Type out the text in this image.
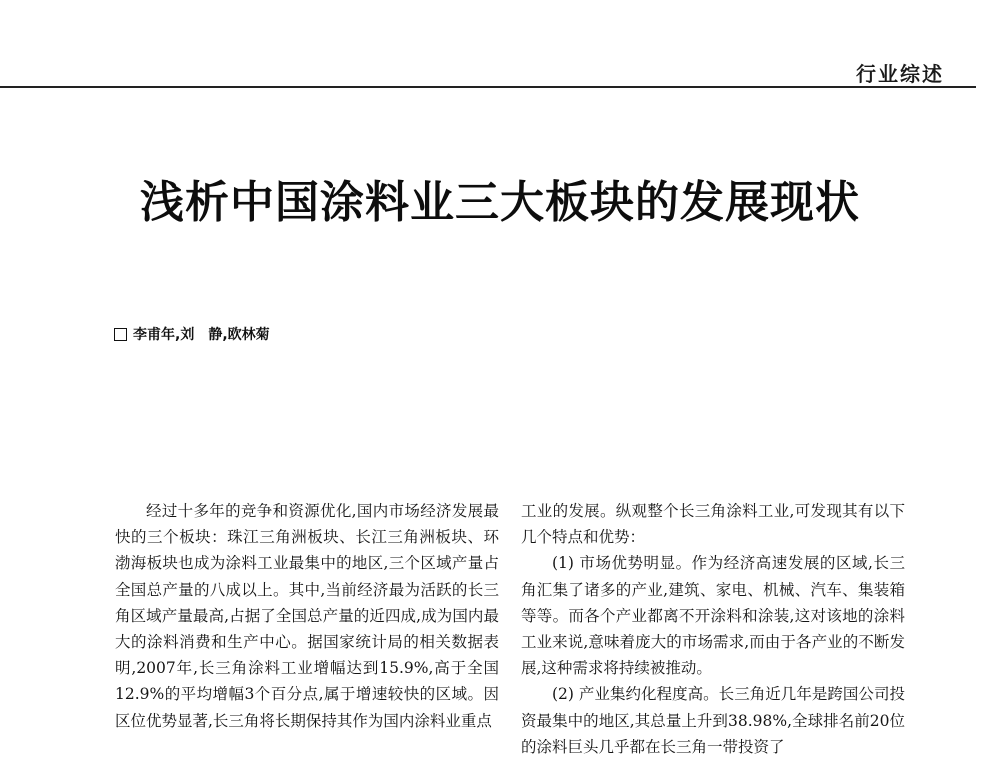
行业综述
浅析中国涂料业三大板块的发展现状
李甫年,刘　静,欧林菊

经过十多年的竞争和资源优化,国内市场经济发展最快的三个板块：珠江三角洲板块、长江三角洲板块、环渤海板块也成为涂料工业最集中的地区,三个区域产量占全国总产量的八成以上。其中,当前经济最为活跃的长三角区域产量最高,占据了全国总产量的近四成,成为国内最大的涂料消费和生产中心。据国家统计局的相关数据表明,2007年,长三角涂料工业增幅达到15.9%,高于全国12.9%的平均增幅3个百分点,属于增速较快的区域。因区位优势显著,长三角将长期保持其作为国内涂料业重点

工业的发展。纵观整个长三角涂料工业,可发现其有以下几个特点和优势：

(1) 市场优势明显。作为经济高速发展的区域,长三角汇集了诸多的产业,建筑、家电、机械、汽车、集装箱等等。而各个产业都离不开涂料和涂装,这对该地的涂料工业来说,意味着庞大的市场需求,而由于各产业的不断发展,这种需求将持续被推动。

(2) 产业集约化程度高。长三角近几年是跨国公司投资最集中的地区,其总量上升到38.98%,全球排名前20位的涂料巨头几乎都在长三角一带投资了
